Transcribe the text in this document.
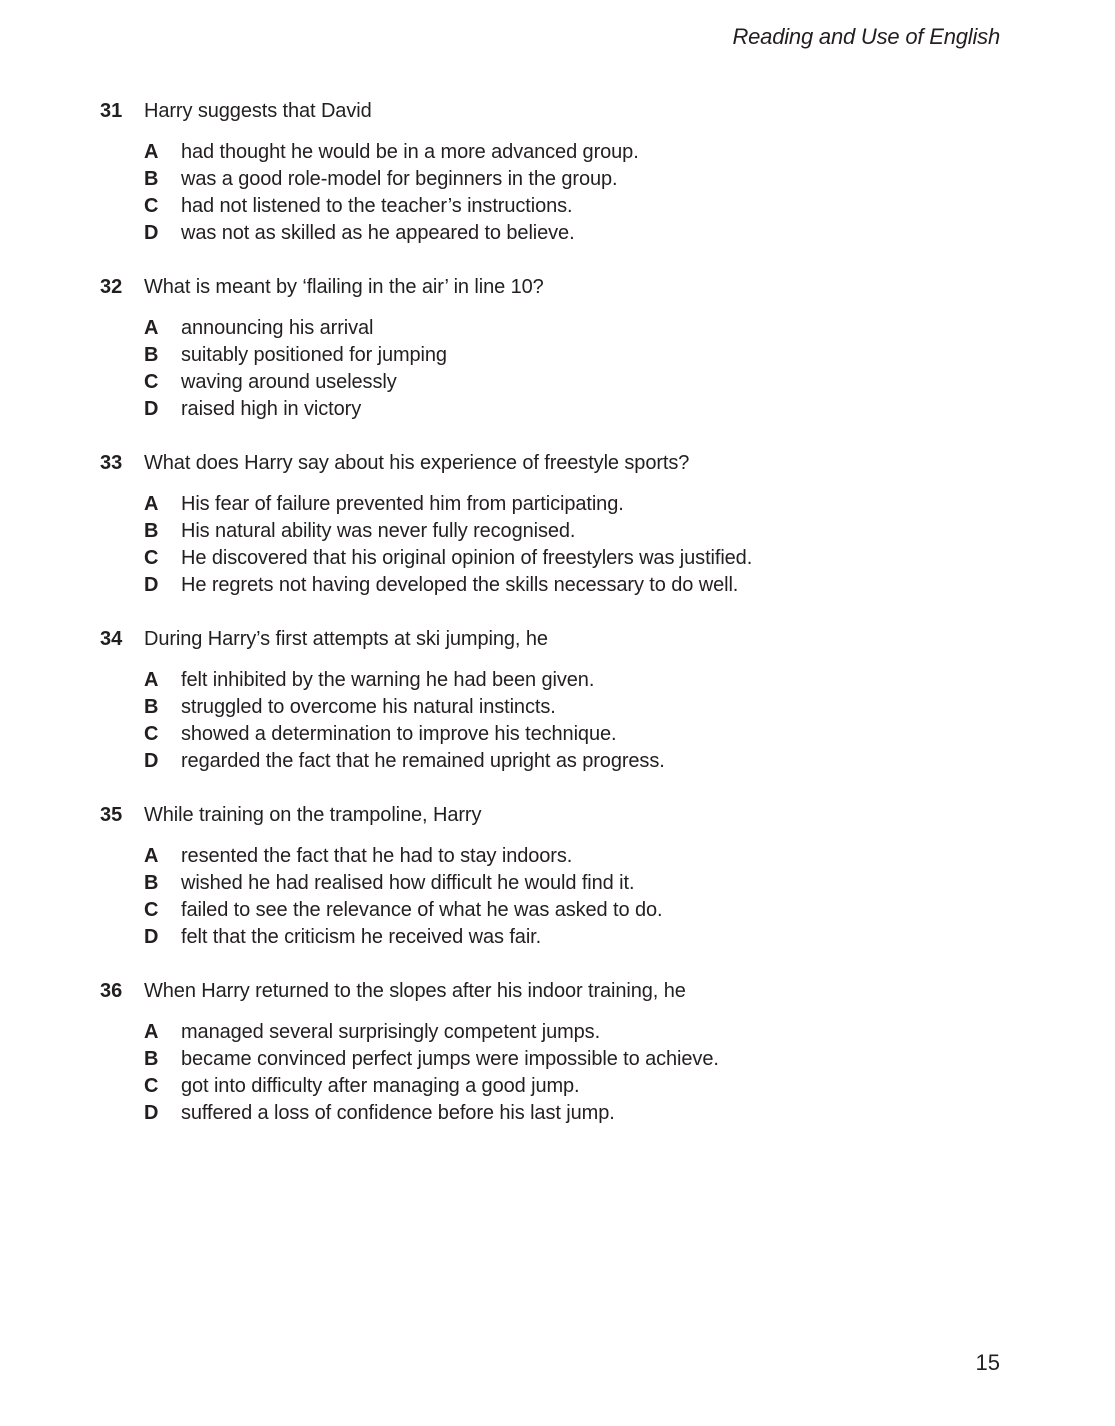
Reading and Use of English
31	Harry suggests that David
A	had thought he would be in a more advanced group.
B	was a good role-model for beginners in the group.
C	had not listened to the teacher’s instructions.
D	was not as skilled as he appeared to believe.
32	What is meant by ‘flailing in the air’ in line 10?
A	announcing his arrival
B	suitably positioned for jumping
C	waving around uselessly
D	raised high in victory
33	What does Harry say about his experience of freestyle sports?
A	His fear of failure prevented him from participating.
B	His natural ability was never fully recognised.
C	He discovered that his original opinion of freestylers was justified.
D	He regrets not having developed the skills necessary to do well.
34	During Harry’s first attempts at ski jumping, he
A	felt inhibited by the warning he had been given.
B	struggled to overcome his natural instincts.
C	showed a determination to improve his technique.
D	regarded the fact that he remained upright as progress.
35	While training on the trampoline, Harry
A	resented the fact that he had to stay indoors.
B	wished he had realised how difficult he would find it.
C	failed to see the relevance of what he was asked to do.
D	felt that the criticism he received was fair.
36	When Harry returned to the slopes after his indoor training, he
A	managed several surprisingly competent jumps.
B	became convinced perfect jumps were impossible to achieve.
C	got into difficulty after managing a good jump.
D	suffered a loss of confidence before his last jump.
15
